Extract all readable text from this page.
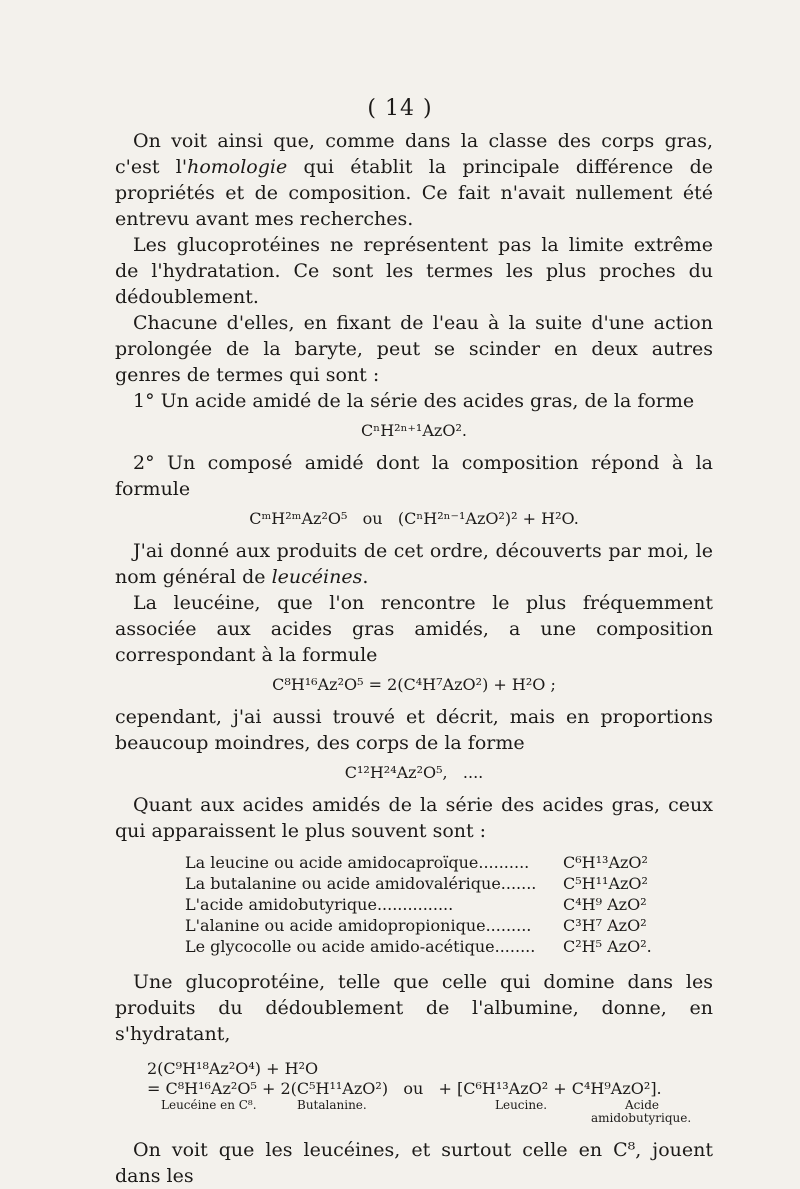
( 14 )

On voit ainsi que, comme dans la classe des corps gras, c'est l'homologie qui établit la principale différence de propriétés et de composition. Ce fait n'avait nullement été entrevu avant mes recherches.

Les glucoprotéines ne représentent pas la limite extrême de l'hydratation. Ce sont les termes les plus proches du dédoublement.

Chacune d'elles, en fixant de l'eau à la suite d'une action prolongée de la baryte, peut se scinder en deux autres genres de termes qui sont :

1° Un acide amidé de la série des acides gras, de la forme

CⁿH²ⁿ⁺¹AzO².

2° Un composé amidé dont la composition répond à la formule

CᵐH²ᵐAz²O⁵   ou   (CⁿH²ⁿ⁻¹AzO²)² + H²O.

J'ai donné aux produits de cet ordre, découverts par moi, le nom général de leucéines.

La leucéine, que l'on rencontre le plus fréquemment associée aux acides gras amidés, a une composition correspondant à la formule

C⁸H¹⁶Az²O⁵ = 2(C⁴H⁷AzO²) + H²O ;

cependant, j'ai aussi trouvé et décrit, mais en proportions beaucoup moindres, des corps de la forme

C¹²H²⁴Az²O⁵,   ....

Quant aux acides amidés de la série des acides gras, ceux qui apparaissent le plus souvent sont :

La leucine ou acide amidocaproïque..........	C⁶H¹³AzO²
La butalanine ou acide amidovalérique.......	C⁵H¹¹AzO²
L'acide amidobutyrique...............	C⁴H⁹ AzO²
L'alanine ou acide amidopropionique.........	C³H⁷ AzO²
Le glycocolle ou acide amido-acétique........	C²H⁵ AzO².

Une glucoprotéine, telle que celle qui domine dans les produits du dédoublement de l'albumine, donne, en s'hydratant,

2(C⁹H¹⁸Az²O⁴) + H²O
= C⁸H¹⁶Az²O⁵ + 2(C⁵H¹¹AzO²)   ou   + [C⁶H¹³AzO² + C⁴H⁹AzO²].
Leucéine en C⁸.	Butalanine.	Leucine.	Acide
amidobutyrique.

On voit que les leucéines, et surtout celle en C⁸, jouent dans les
